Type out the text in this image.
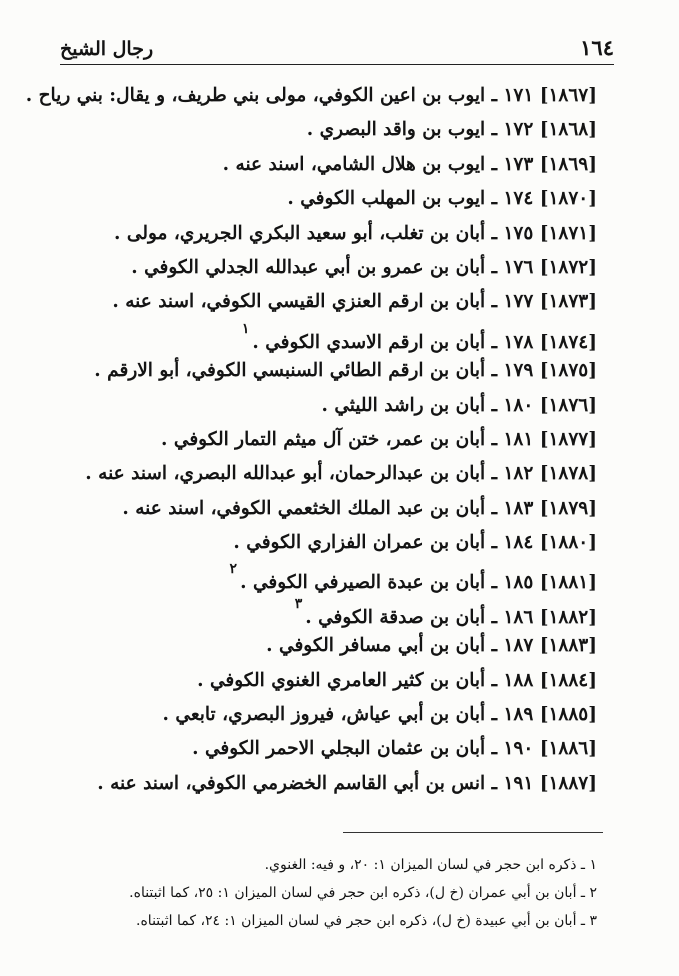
١٦٤
رجال الشيخ
[١٨٦٧] ١٧١ ـ ايوب بن اعين الكوفي، مولى بني طريف، و يقال: بني رياح .
[١٨٦٨] ١٧٢ ـ ايوب بن واقد البصري .
[١٨٦٩] ١٧٣ ـ ايوب بن هلال الشامي، اسند عنه .
[١٨٧٠] ١٧٤ ـ ايوب بن المهلب الكوفي .
[١٨٧١] ١٧٥ ـ أبان بن تغلب، أبو سعيد البكري الجريري، مولى .
[١٨٧٢] ١٧٦ ـ أبان بن عمرو بن أبي عبدالله الجدلي الكوفي .
[١٨٧٣] ١٧٧ ـ أبان بن ارقم العنزي القيسي الكوفي، اسند عنه .
[١٨٧٤] ١٧٨ ـ أبان بن ارقم الاسدي الكوفي .$^١$
[١٨٧٥] ١٧٩ ـ أبان بن ارقم الطائي السنبسي الكوفي، أبو الارقم .
[١٨٧٦] ١٨٠ ـ أبان بن راشد الليثي .
[١٨٧٧] ١٨١ ـ أبان بن عمر، ختن آل ميثم التمار الكوفي .
[١٨٧٨] ١٨٢ ـ أبان بن عبدالرحمان، أبو عبدالله البصري، اسند عنه .
[١٨٧٩] ١٨٣ ـ أبان بن عبد الملك الخثعمي الكوفي، اسند عنه .
[١٨٨٠] ١٨٤ ـ أبان بن عمران الفزاري الكوفي .
[١٨٨١] ١٨٥ ـ أبان بن عبدة الصيرفي الكوفي .$^٢$
[١٨٨٢] ١٨٦ ـ أبان بن صدقة الكوفي .$^٣$
[١٨٨٣] ١٨٧ ـ أبان بن أبي مسافر الكوفي .
[١٨٨٤] ١٨٨ ـ أبان بن كثير العامري الغنوي الكوفي .
[١٨٨٥] ١٨٩ ـ أبان بن أبي عياش، فيروز البصري، تابعي .
[١٨٨٦] ١٩٠ ـ أبان بن عثمان البجلي الاحمر الكوفي .
[١٨٨٧] ١٩١ ـ انس بن أبي القاسم الخضرمي الكوفي، اسند عنه .
١ ـ ذكره ابن حجر في لسان الميزان ١: ٢٠، و فيه: الغنوي.
٢ ـ أبان بن أبي عمران (خ ل)، ذكره ابن حجر في لسان الميزان ١: ٢٥، كما اثبتناه.
٣ ـ أبان بن أبي عبيدة (خ ل)، ذكره ابن حجر في لسان الميزان ١: ٢٤، كما اثبتناه.
